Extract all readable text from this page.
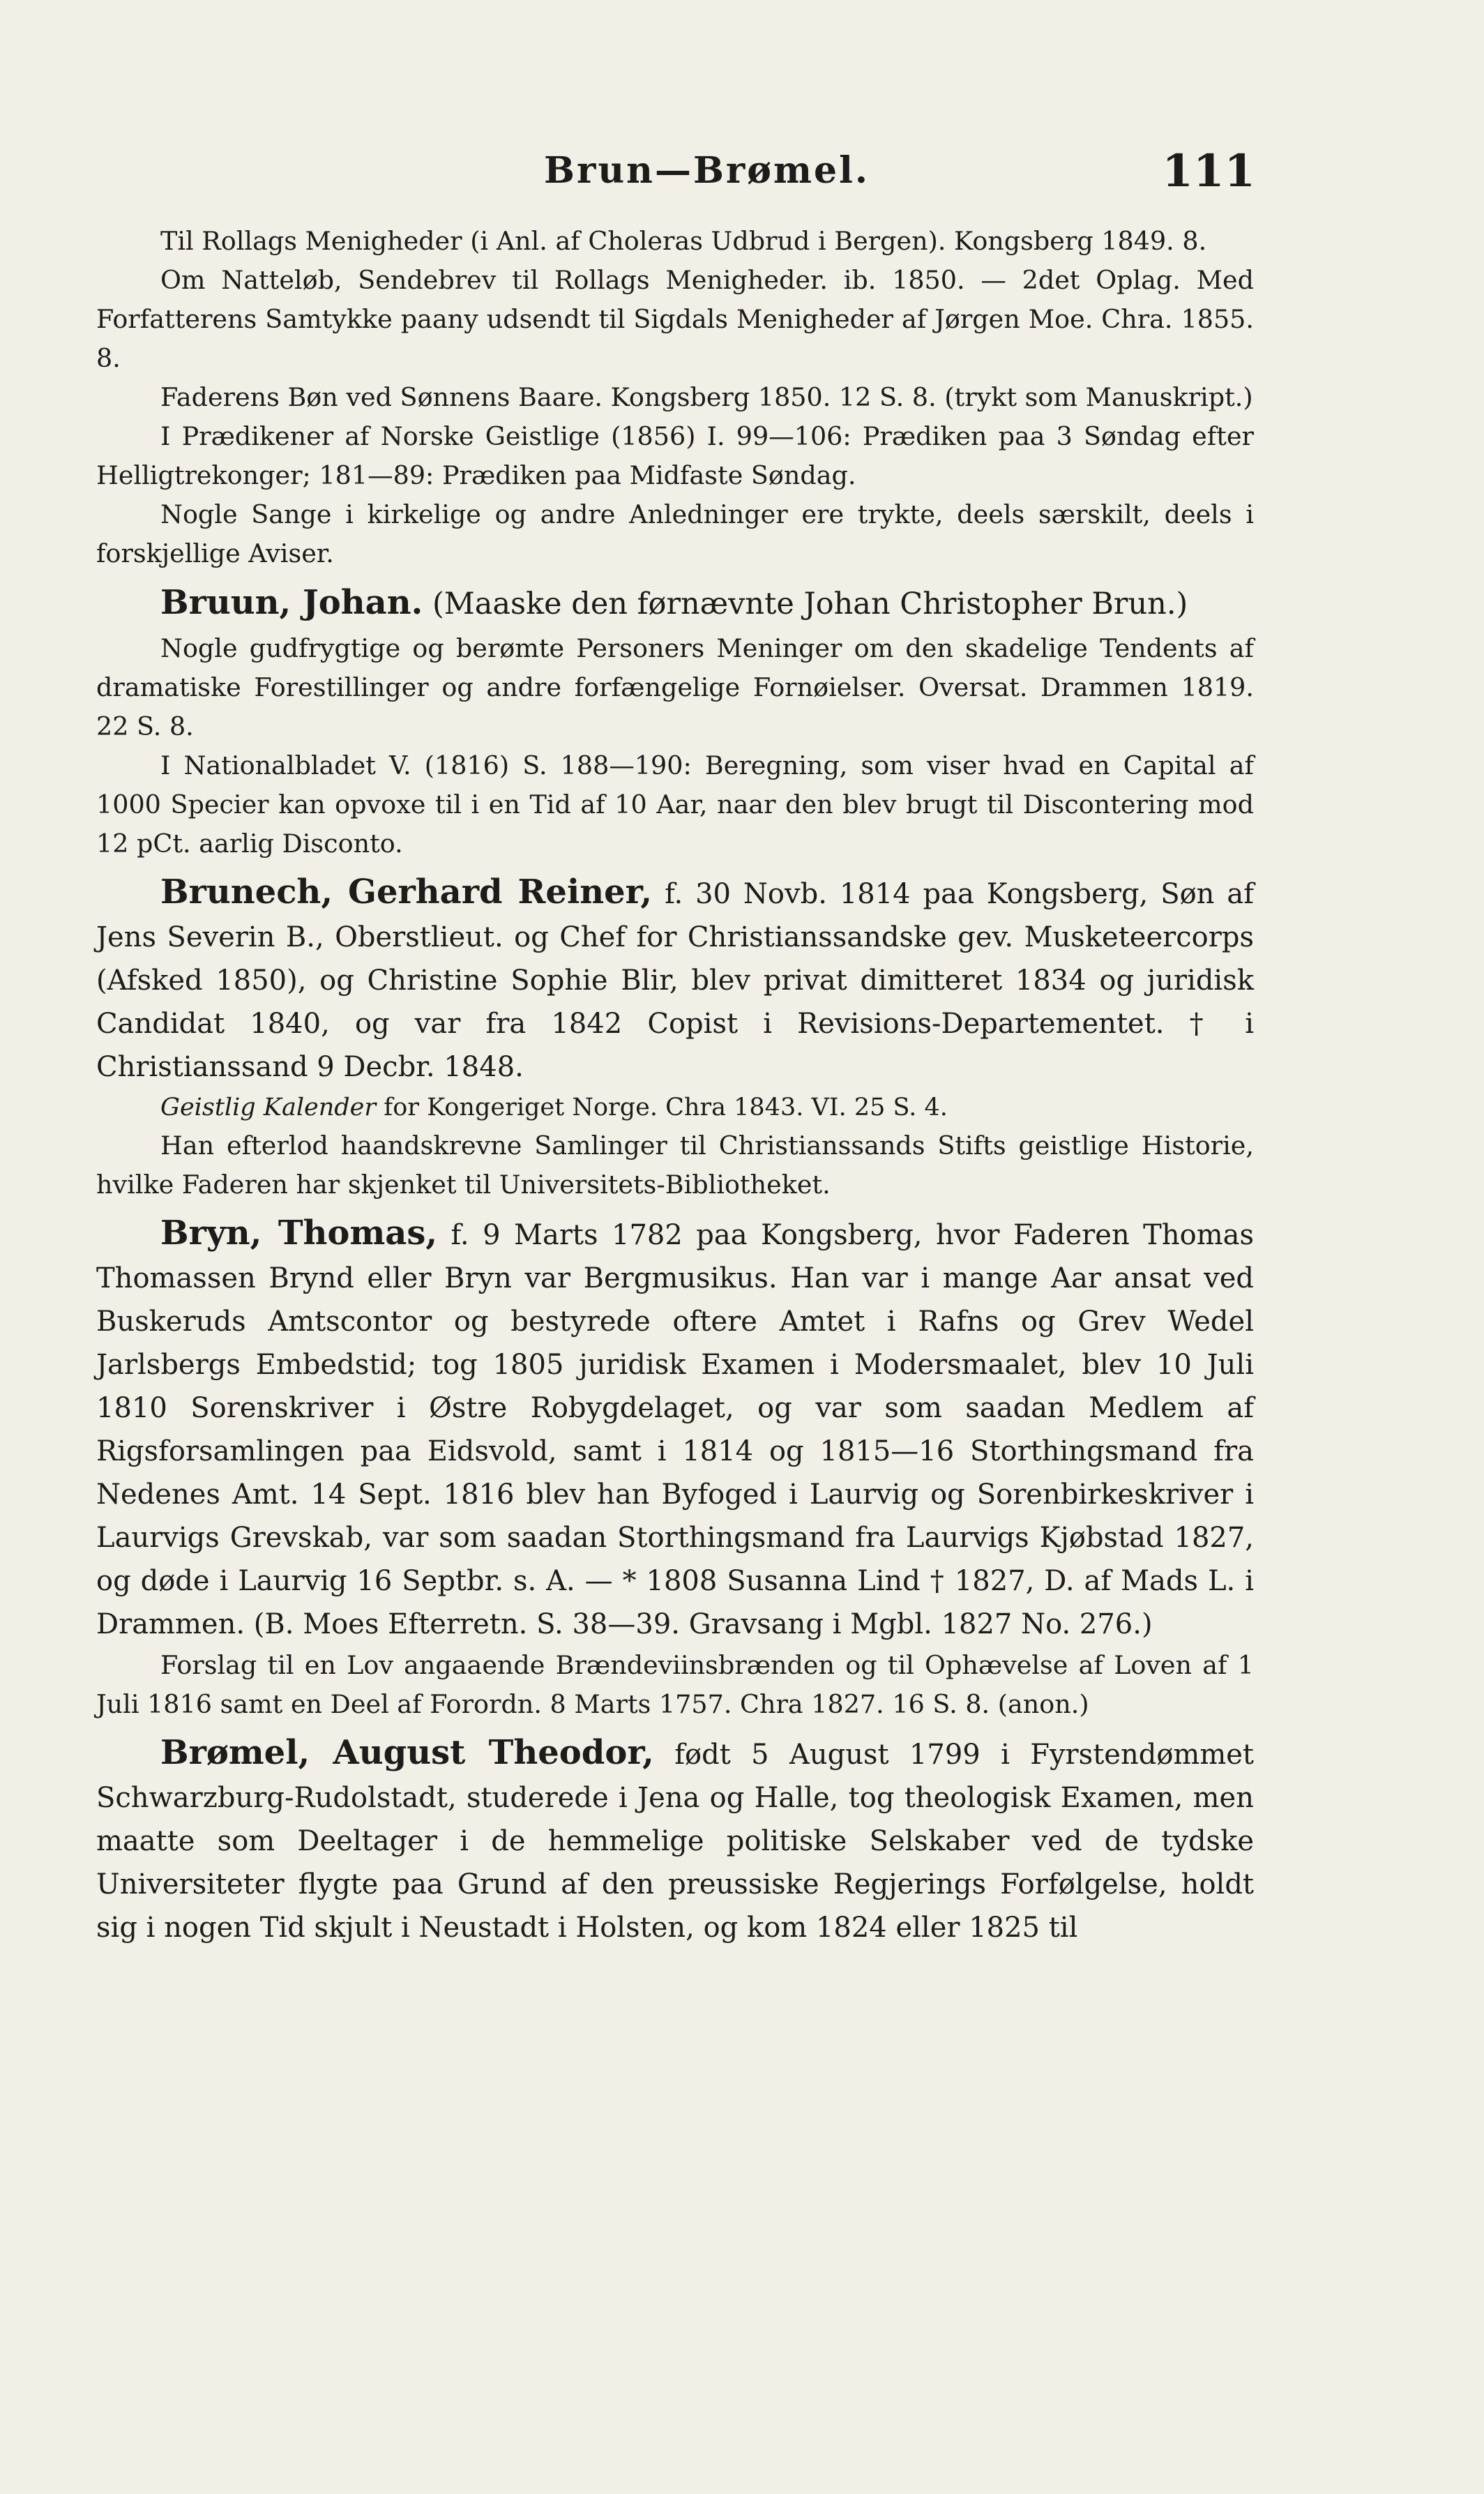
Brun—Brømel.	111

Til Rollags Menigheder (i Anl. af Choleras Udbrud i Bergen). Kongsberg 1849. 8.

Om Natteløb, Sendebrev til Rollags Menigheder. ib. 1850. — 2det Oplag. Med Forfatterens Samtykke paany udsendt til Sigdals Menigheder af Jørgen Moe. Chra. 1855. 8.

Faderens Bøn ved Sønnens Baare. Kongsberg 1850. 12 S. 8. (trykt som Manuskript.)

I Prædikener af Norske Geistlige (1856) I. 99—106: Prædiken paa 3 Søndag efter Helligtrekonger; 181—89: Prædiken paa Midfaste Søndag.

Nogle Sange i kirkelige og andre Anledninger ere trykte, deels særskilt, deels i forskjellige Aviser.

Bruun, Johan. (Maaske den førnævnte Johan Christopher Brun.)

Nogle gudfrygtige og berømte Personers Meninger om den skadelige Tendents af dramatiske Forestillinger og andre forfængelige Fornøielser. Oversat. Drammen 1819. 22 S. 8.

I Nationalbladet V. (1816) S. 188—190: Beregning, som viser hvad en Capital af 1000 Specier kan opvoxe til i en Tid af 10 Aar, naar den blev brugt til Discontering mod 12 pCt. aarlig Disconto.

Brunech, Gerhard Reiner, f. 30 Novb. 1814 paa Kongsberg, Søn af Jens Severin B., Oberstlieut. og Chef for Christianssandske gev. Musketeercorps (Afsked 1850), og Christine Sophie Blir, blev privat dimitteret 1834 og juridisk Candidat 1840, og var fra 1842 Copist i Revisions-Departementet. † i Christianssand 9 Decbr. 1848.

Geistlig Kalender for Kongeriget Norge. Chra 1843. VI. 25 S. 4.

Han efterlod haandskrevne Samlinger til Christianssands Stifts geistlige Historie, hvilke Faderen har skjenket til Universitets-Bibliotheket.

Bryn, Thomas, f. 9 Marts 1782 paa Kongsberg, hvor Faderen Thomas Thomassen Brynd eller Bryn var Bergmusikus. Han var i mange Aar ansat ved Buskeruds Amtscontor og bestyrede oftere Amtet i Rafns og Grev Wedel Jarlsbergs Embedstid; tog 1805 juridisk Examen i Modersmaalet, blev 10 Juli 1810 Sorenskriver i Østre Robygdelaget, og var som saadan Medlem af Rigsforsamlingen paa Eidsvold, samt i 1814 og 1815—16 Storthingsmand fra Nedenes Amt. 14 Sept. 1816 blev han Byfoged i Laurvig og Sorenbirkeskriver i Laurvigs Grevskab, var som saadan Storthingsmand fra Laurvigs Kjøbstad 1827, og døde i Laurvig 16 Septbr. s. A. — * 1808 Susanna Lind † 1827, D. af Mads L. i Drammen. (B. Moes Efterretn. S. 38—39. Gravsang i Mgbl. 1827 No. 276.)

Forslag til en Lov angaaende Brændeviinsbrænden og til Ophævelse af Loven af 1 Juli 1816 samt en Deel af Forordn. 8 Marts 1757. Chra 1827. 16 S. 8. (anon.)

Brømel, August Theodor, født 5 August 1799 i Fyrstendømmet Schwarzburg-Rudolstadt, studerede i Jena og Halle, tog theologisk Examen, men maatte som Deeltager i de hemmelige politiske Selskaber ved de tydske Universiteter flygte paa Grund af den preussiske Regjerings Forfølgelse, holdt sig i nogen Tid skjult i Neustadt i Holsten, og kom 1824 eller 1825 til
